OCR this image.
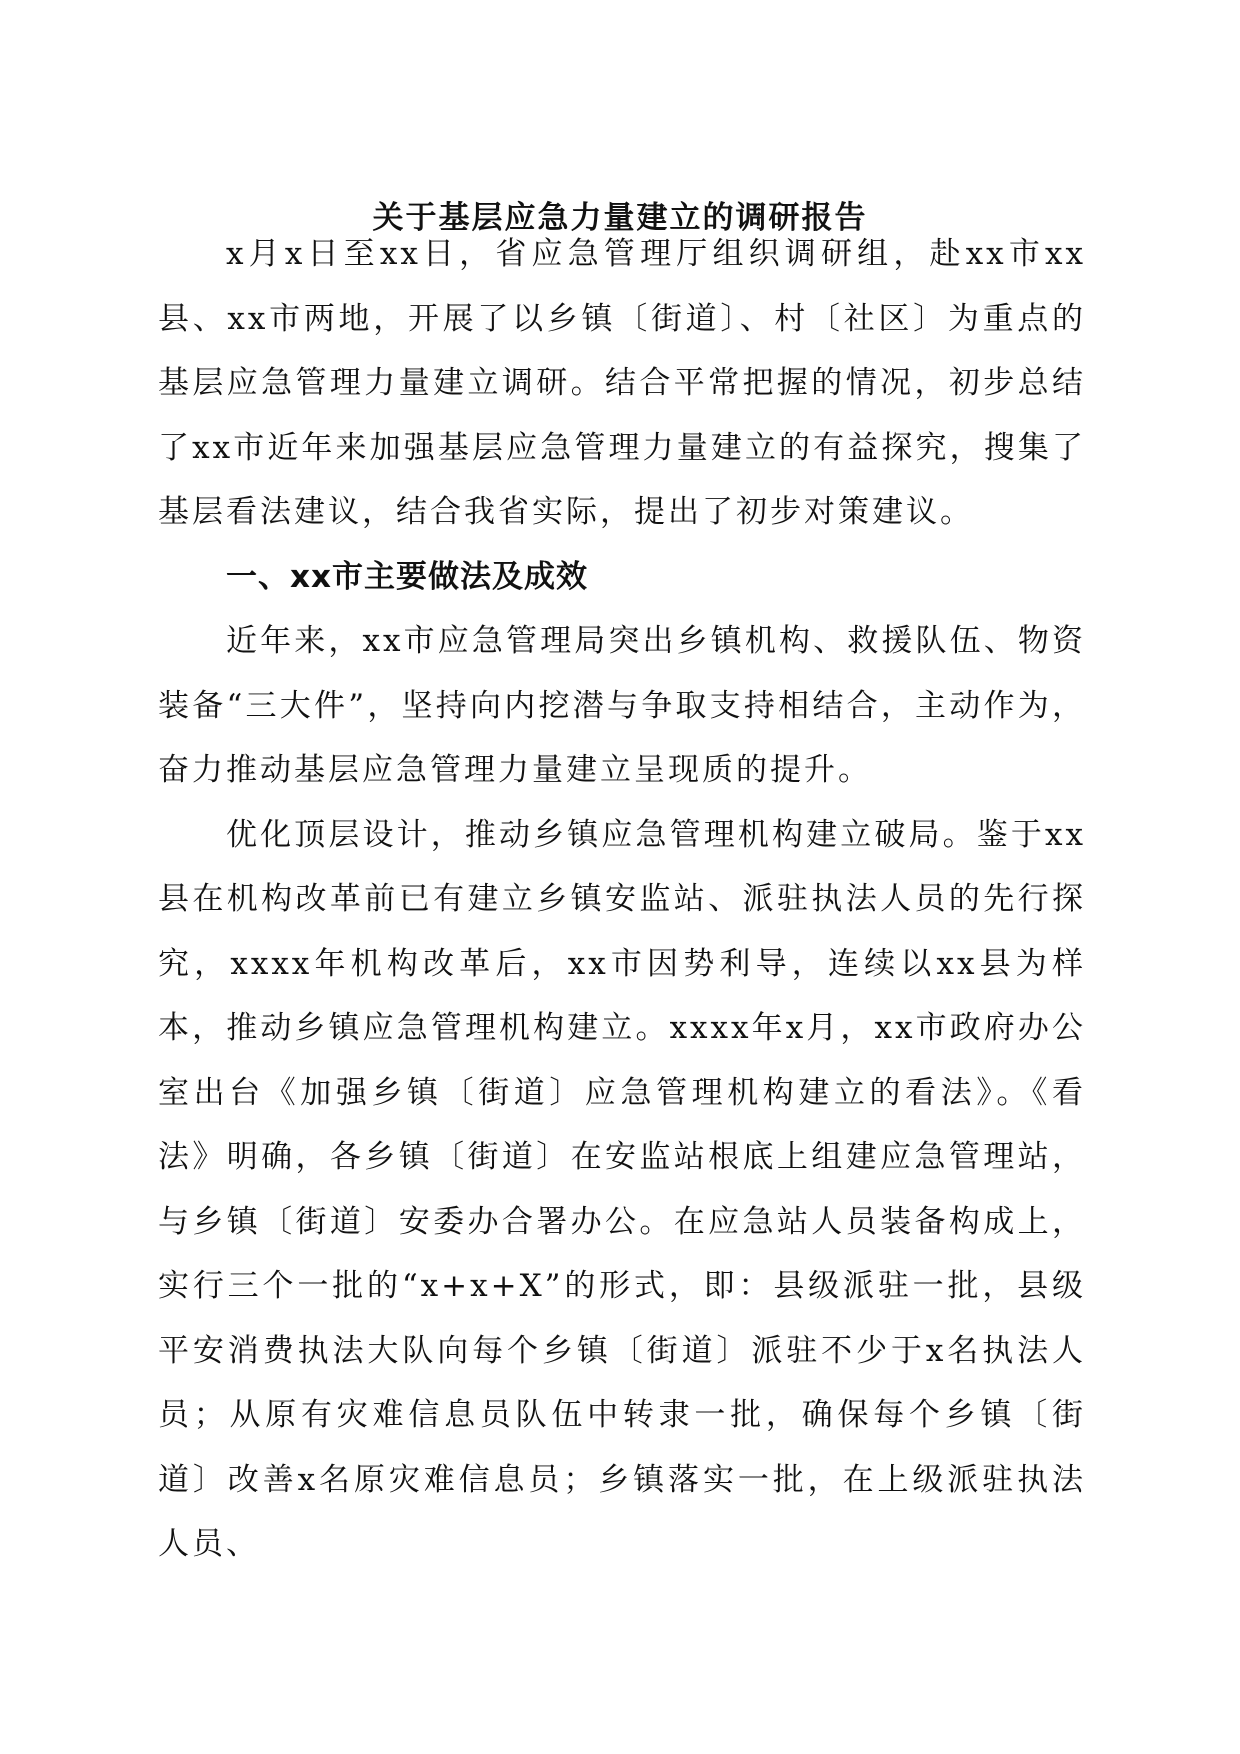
关于基层应急力量建立的调研报告

x月x日至xx日，省应急管理厅组织调研组，赴xx市xx县、xx市两地，开展了以乡镇〔街道〕、村〔社区〕为重点的基层应急管理力量建立调研。结合平常把握的情况，初步总结了xx市近年来加强基层应急管理力量建立的有益探究，搜集了基层看法建议，结合我省实际，提出了初步对策建议。

一、xx市主要做法及成效

近年来，xx市应急管理局突出乡镇机构、救援队伍、物资装备“三大件”，坚持向内挖潜与争取支持相结合，主动作为，奋力推动基层应急管理力量建立呈现质的提升。

优化顶层设计，推动乡镇应急管理机构建立破局。鉴于xx县在机构改革前已有建立乡镇安监站、派驻执法人员的先行探究，xxxx年机构改革后，xx市因势利导，连续以xx县为样本，推动乡镇应急管理机构建立。xxxx年x月，xx市政府办公室出台《加强乡镇〔街道〕应急管理机构建立的看法》。《看法》明确，各乡镇〔街道〕在安监站根底上组建应急管理站，与乡镇〔街道〕安委办合署办公。在应急站人员装备构成上，实行三个一批的“x+x+X”的形式，即：县级派驻一批，县级平安消费执法大队向每个乡镇〔街道〕派驻不少于x名执法人员；从原有灾难信息员队伍中转隶一批，确保每个乡镇〔街道〕改善x名原灾难信息员；乡镇落实一批，在上级派驻执法人员、
